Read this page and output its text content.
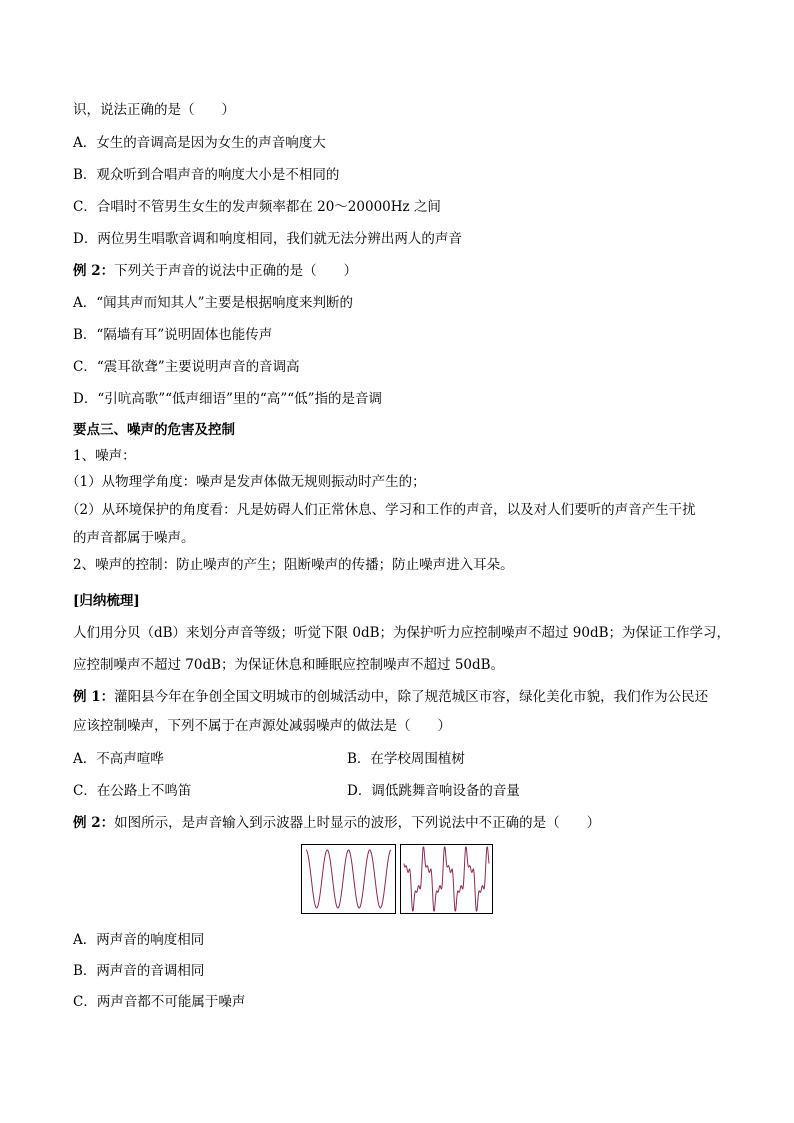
识，说法正确的是（　　）
A．女生的音调高是因为女生的声音响度大
B．观众听到合唱声音的响度大小是不相同的
C．合唱时不管男生女生的发声频率都在 20～20000Hz 之间
D．两位男生唱歌音调和响度相同，我们就无法分辨出两人的声音
例 2：下列关于声音的说法中正确的是（　　）
A．“闻其声而知其人”主要是根据响度来判断的
B．“隔墙有耳”说明固体也能传声
C．“震耳欲聋”主要说明声音的音调高
D．“引吭高歌”“低声细语”里的“高”“低”指的是音调
要点三、噪声的危害及控制
1、噪声：
（1）从物理学角度：噪声是发声体做无规则振动时产生的；
（2）从环境保护的角度看：凡是妨碍人们正常休息、学习和工作的声音，以及对人们要听的声音产生干扰
的声音都属于噪声。
2、噪声的控制：防止噪声的产生；阻断噪声的传播；防止噪声进入耳朵。
[归纳梳理]
人们用分贝（dB）来划分声音等级；听觉下限 0dB；为保护听力应控制噪声不超过 90dB；为保证工作学习，
应控制噪声不超过 70dB；为保证休息和睡眠应控制噪声不超过 50dB。
例 1：灌阳县今年在争创全国文明城市的创城活动中，除了规范城区市容，绿化美化市貌，我们作为公民还
应该控制噪声，下列不属于在声源处减弱噪声的做法是（　　）
A．不高声喧哗	B．在学校周围植树
C．在公路上不鸣笛	D．调低跳舞音响设备的音量
例 2：如图所示，是声音输入到示波器上时显示的波形，下列说法中不正确的是（　　）
A．两声音的响度相同
B．两声音的音调相同
C．两声音都不可能属于噪声
